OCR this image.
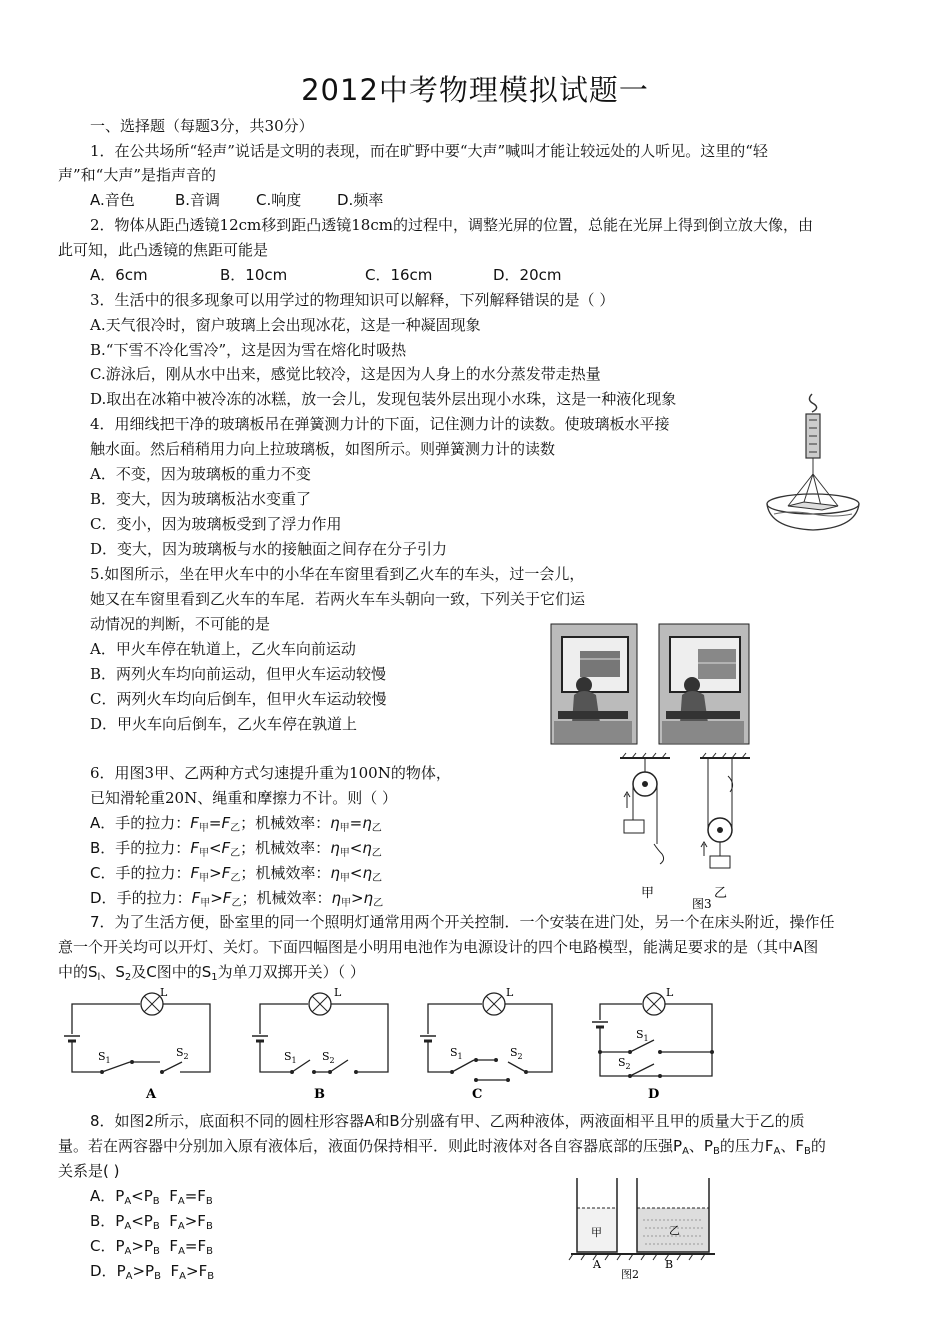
2012中考物理模拟试题一
一、选择题（每题3分，共30分）
1．在公共场所“轻声”说话是文明的表现，而在旷野中要“大声”喊叫才能让较远处的人听见。这里的“轻
声”和“大声”是指声音的
A.音色	B.音调 C.响度 D.频率
2．物体从距凸透镜12cm移到距凸透镜18cm的过程中，调整光屏的位置，总能在光屏上得到倒立放大像，由
此可知，此凸透镜的焦距可能是
A．6cm	B．10cm	C．16cm	D．20cm
3．生活中的很多现象可以用学过的物理知识可以解释，下列解释错误的是（ ）
A.天气很冷时，窗户玻璃上会出现冰花，这是一种凝固现象
B.“下雪不冷化雪冷”，这是因为雪在熔化时吸热
C.游泳后，刚从水中出来，感觉比较冷，这是因为人身上的水分蒸发带走热量
D.取出在冰箱中被冷冻的冰糕，放一会儿，发现包装外层出现小水珠，这是一种液化现象
4．用细线把干净的玻璃板吊在弹簧测力计的下面，记住测力计的读数。使玻璃板水平接
触水面。然后稍稍用力向上拉玻璃板，如图所示。则弹簧测力计的读数
A．不变，因为玻璃板的重力不变
B．变大，因为玻璃板沾水变重了
C．变小，因为玻璃板受到了浮力作用
D．变大，因为玻璃板与水的接触面之间存在分子引力
5.如图所示，坐在甲火车中的小华在车窗里看到乙火车的车头，过一会儿，
她又在车窗里看到乙火车的车尾．若两火车车头朝向一致，下列关于它们运
动情况的判断，不可能的是
A．甲火车停在轨道上，乙火车向前运动
B．两列火车均向前运动，但甲火车运动较慢
C．两列火车均向后倒车，但甲火车运动较慢
D．甲火车向后倒车，乙火车停在孰道上
6．用图3甲、乙两种方式匀速提升重为100N的物体，
已知滑轮重20N、绳重和摩擦力不计。则（ ）
A．手的拉力：$F_甲=F_乙$；机械效率：$\eta_甲=\eta_乙$
B．手的拉力：$F_甲<F_乙$；机械效率：$\eta_甲<\eta_乙$
C．手的拉力：$F_甲>F_乙$；机械效率：$\eta_甲<\eta_乙$
D．手的拉力：$F_甲>F_乙$；机械效率：$\eta_甲>\eta_乙$
甲	乙
图3
7．为了生活方便，卧室里的同一个照明灯通常用两个开关控制．一个安装在进门处，另一个在床头附近，操作任
意一个开关均可以开灯、关灯。下面四幅图是小明用电池作为电源设计的四个电路模型，能满足要求的是（其中A图
中的$S_l$、$S_2$及C图中的$S_1$为单刀双掷开关）（ ）
L
$S_1$
$S_2$
A
L
$S_1$ $S_2$
B
L
$S_1$	$S_2$
C
L
$S_1$
$S_2$
D
8．如图2所示，底面积不同的圆柱形容器A和B分别盛有甲、乙两种液体，两液面相平且甲的质量大于乙的质
量。若在两容器中分别加入原有液体后，液面仍保持相平．则此时液体对各自容器底部的压强$P_A$、$P_B$的压力$F_A$、$F_B$的
关系是( )
A．$P_A<P_B$ $F_A=F_B$
B．$P_A<P_B$ $F_A>F_B$
C．$P_A>P_B$ $F_A=F_B$
D．$P_A>P_B$ $F_A>F_B$
甲	乙
A	B
图2
